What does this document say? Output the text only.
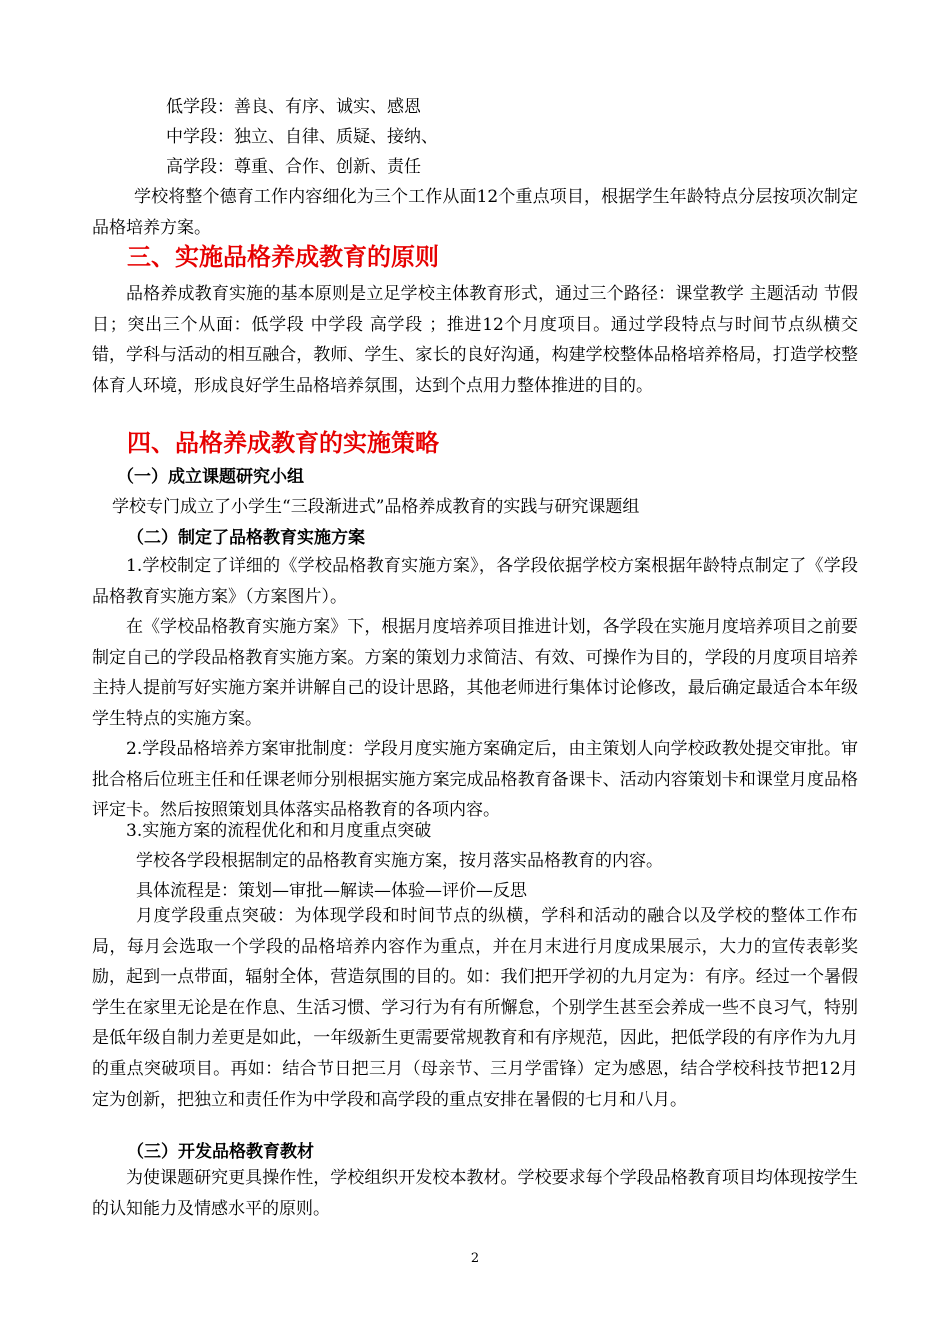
低学段：善良、有序、诚实、感恩
中学段：独立、自律、质疑、接纳、
高学段：尊重、合作、创新、责任
学校将整个德育工作内容细化为三个工作从面12个重点项目，根据学生年龄特点分层按项次制定品格培养方案。
三、实施品格养成教育的原则
品格养成教育实施的基本原则是立足学校主体教育形式，通过三个路径：课堂教学 主题活动 节假日；突出三个从面：低学段 中学段 高学段 ；推进12个月度项目。通过学段特点与时间节点纵横交错，学科与活动的相互融合，教师、学生、家长的良好沟通，构建学校整体品格培养格局，打造学校整体育人环境，形成良好学生品格培养氛围，达到个点用力整体推进的目的。
四、品格养成教育的实施策略
（一）成立课题研究小组
学校专门成立了小学生“三段渐进式”品格养成教育的实践与研究课题组
（二）制定了品格教育实施方案
1.学校制定了详细的《学校品格教育实施方案》，各学段依据学校方案根据年龄特点制定了《学段品格教育实施方案》（方案图片）。
在《学校品格教育实施方案》下，根据月度培养项目推进计划，各学段在实施月度培养项目之前要制定自己的学段品格教育实施方案。方案的策划力求简洁、有效、可操作为目的，学段的月度项目培养主持人提前写好实施方案并讲解自己的设计思路，其他老师进行集体讨论修改，最后确定最适合本年级学生特点的实施方案。
2.学段品格培养方案审批制度：学段月度实施方案确定后，由主策划人向学校政教处提交审批。审批合格后位班主任和任课老师分别根据实施方案完成品格教育备课卡、活动内容策划卡和课堂月度品格评定卡。然后按照策划具体落实品格教育的各项内容。
3.实施方案的流程优化和和月度重点突破
学校各学段根据制定的品格教育实施方案，按月落实品格教育的内容。
具体流程是：策划—审批—解读—体验—评价—反思
月度学段重点突破：为体现学段和时间节点的纵横，学科和活动的融合以及学校的整体工作布局，每月会选取一个学段的品格培养内容作为重点，并在月末进行月度成果展示，大力的宣传表彰奖励，起到一点带面，辐射全体，营造氛围的目的。如：我们把开学初的九月定为：有序。经过一个暑假学生在家里无论是在作息、生活习惯、学习行为有有所懈怠，个别学生甚至会养成一些不良习气，特别是低年级自制力差更是如此，一年级新生更需要常规教育和有序规范，因此，把低学段的有序作为九月的重点突破项目。再如：结合节日把三月（母亲节、三月学雷锋）定为感恩，结合学校科技节把12月定为创新，把独立和责任作为中学段和高学段的重点安排在暑假的七月和八月。
（三）开发品格教育教材
为使课题研究更具操作性，学校组织开发校本教材。学校要求每个学段品格教育项目均体现按学生的认知能力及情感水平的原则。
2
